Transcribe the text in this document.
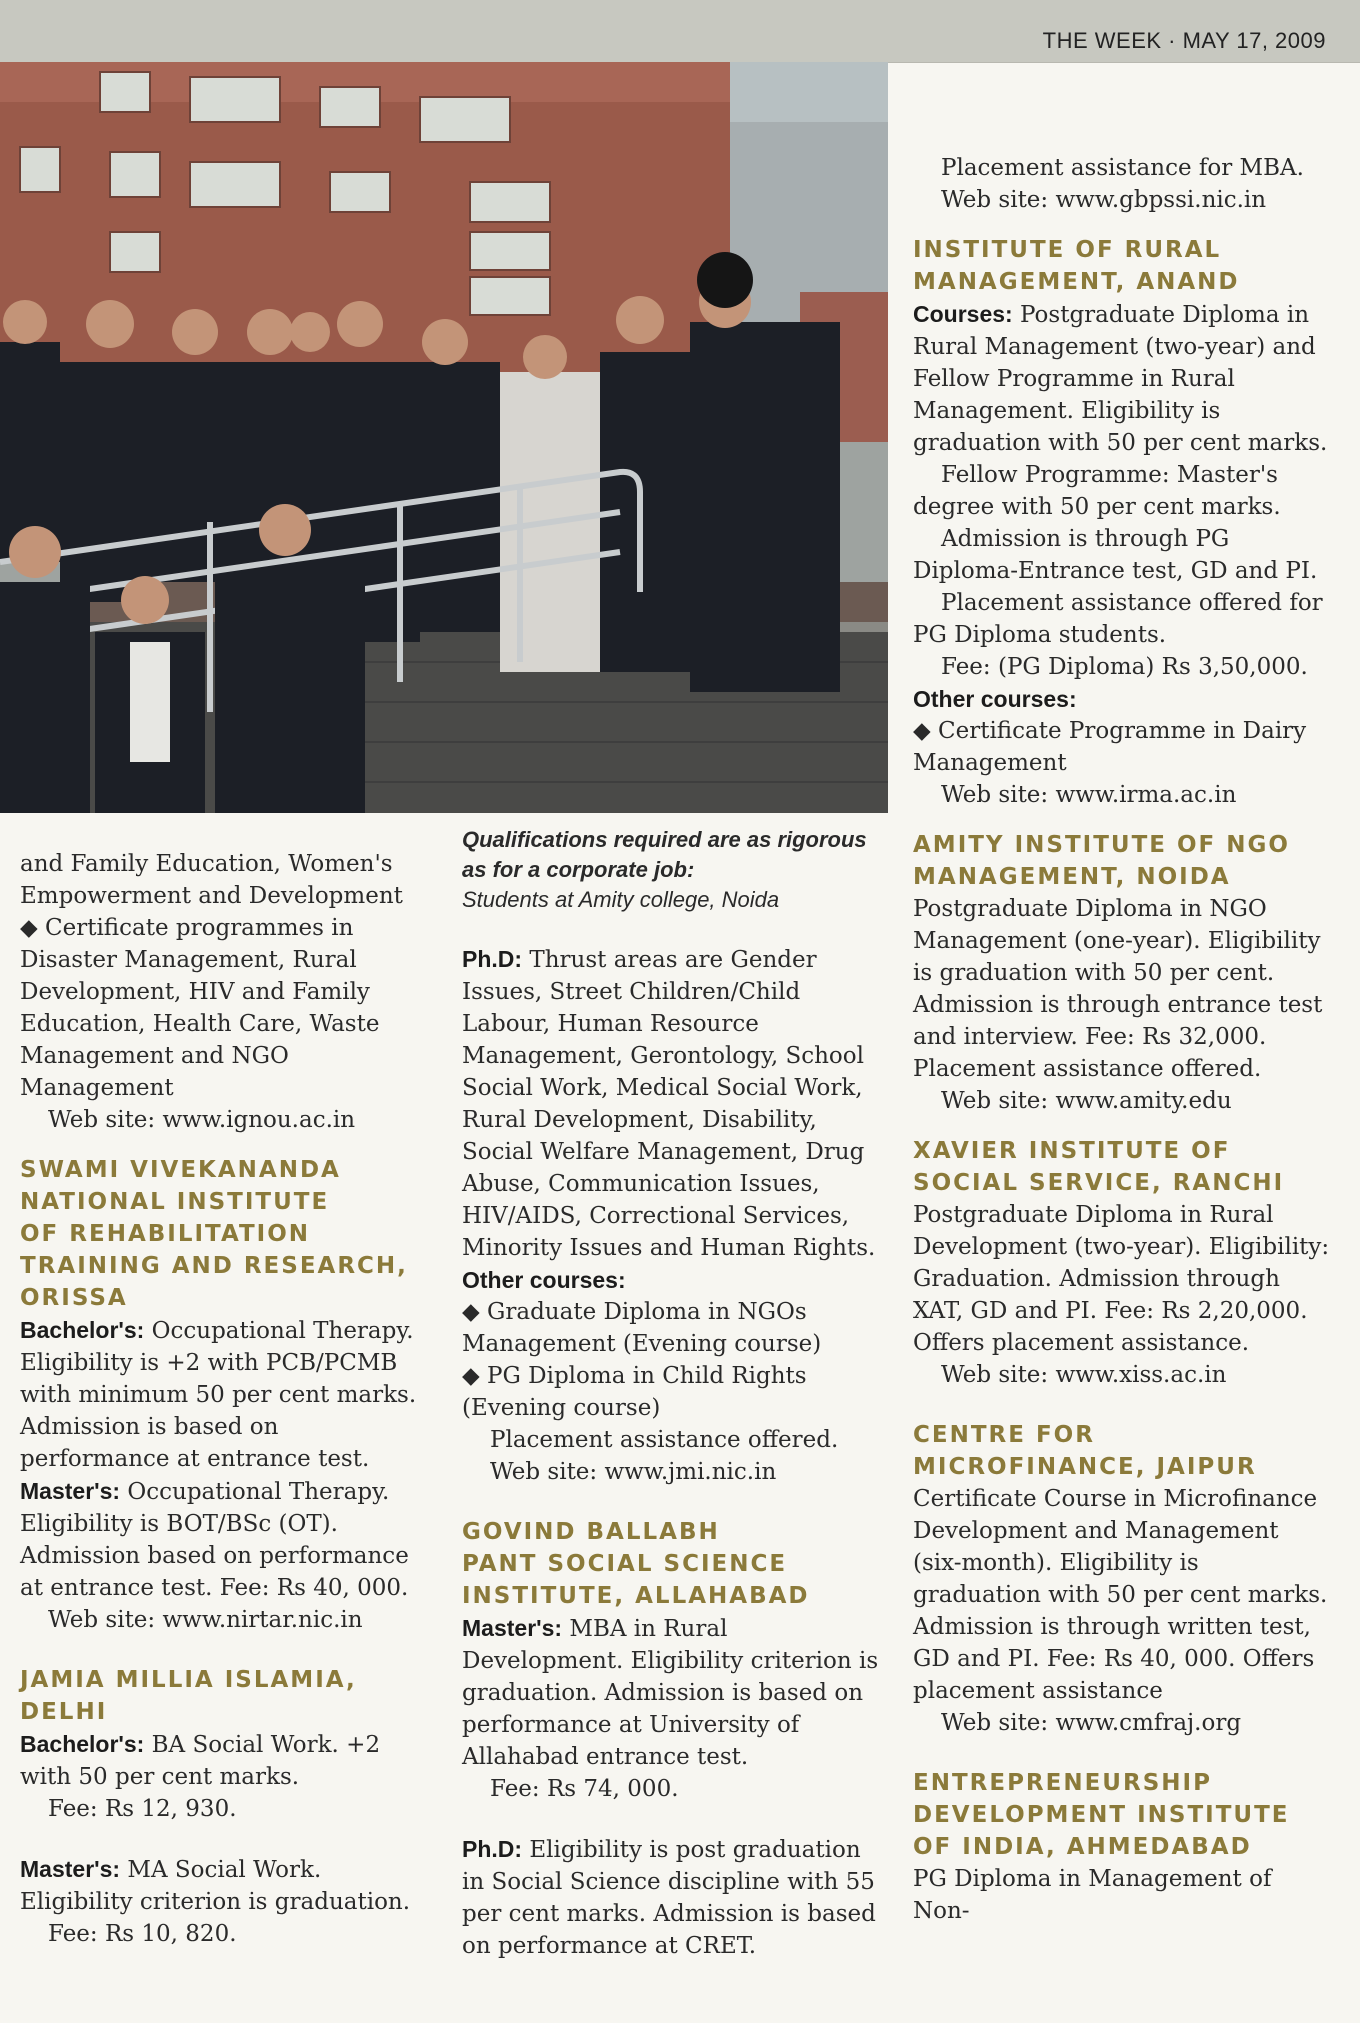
THE WEEK · MAY 17, 2009

and Family Education, Women's Empowerment and Development

◆ Certificate programmes in Disaster Management, Rural Development, HIV and Family Education, Health Care, Waste Management and NGO Management

Web site: www.ignou.ac.in

SWAMI VIVEKANANDA

NATIONAL INSTITUTE

OF REHABILITATION

TRAINING AND RESEARCH,

ORISSA

Bachelor's: Occupational Therapy. Eligibility is +2 with PCB/PCMB with minimum 50 per cent marks. Admission is based on performance at entrance test.

Master's: Occupational Therapy. Eligibility is BOT/BSc (OT). Admission based on performance at entrance test. Fee: Rs 40, 000.

Web site: www.nirtar.nic.in

JAMIA MILLIA ISLAMIA,

DELHI

Bachelor's: BA Social Work. +2 with 50 per cent marks.

Fee: Rs 12, 930.

Master's: MA Social Work. Eligibility criterion is graduation.

Fee: Rs 10, 820.

Qualifications required are as rigorous as for a corporate job:

Students at Amity college, Noida

Ph.D: Thrust areas are Gender Issues, Street Children/Child Labour, Human Resource Management, Gerontology, School Social Work, Medical Social Work, Rural Development, Disability, Social Welfare Management, Drug Abuse, Communication Issues, HIV/AIDS, Correctional Services, Minority Issues and Human Rights.

Other courses:

◆ Graduate Diploma in NGOs Management (Evening course)

◆ PG Diploma in Child Rights (Evening course)

Placement assistance offered.

Web site: www.jmi.nic.in

GOVIND BALLABH

PANT SOCIAL SCIENCE

INSTITUTE, ALLAHABAD

Master's: MBA in Rural Development. Eligibility criterion is graduation. Admission is based on performance at University of Allahabad entrance test.

Fee: Rs 74, 000.

Ph.D: Eligibility is post graduation in Social Science discipline with 55 per cent marks. Admission is based on performance at CRET.

Placement assistance for MBA.

Web site: www.gbpssi.nic.in

INSTITUTE OF RURAL

MANAGEMENT, ANAND

Courses: Postgraduate Diploma in Rural Management (two-year) and Fellow Programme in Rural Management. Eligibility is graduation with 50 per cent marks.

Fellow Programme: Master's degree with 50 per cent marks.

Admission is through PG Diploma-Entrance test, GD and PI.

Placement assistance offered for PG Diploma students.

Fee: (PG Diploma) Rs 3,50,000.

Other courses:

◆ Certificate Programme in Dairy Management

Web site: www.irma.ac.in

AMITY INSTITUTE OF NGO

MANAGEMENT, NOIDA

Postgraduate Diploma in NGO Management (one-year). Eligibility is graduation with 50 per cent. Admission is through entrance test and interview. Fee: Rs 32,000. Placement assistance offered.

Web site: www.amity.edu

XAVIER INSTITUTE OF

SOCIAL SERVICE, RANCHI

Postgraduate Diploma in Rural Development (two-year). Eligibility: Graduation. Admission through XAT, GD and PI. Fee: Rs 2,20,000. Offers placement assistance.

Web site: www.xiss.ac.in

CENTRE FOR

MICROFINANCE, JAIPUR

Certificate Course in Microfinance Development and Management (six-month). Eligibility is graduation with 50 per cent marks. Admission is through written test, GD and PI. Fee: Rs 40, 000. Offers placement assistance

Web site: www.cmfraj.org

ENTREPRENEURSHIP

DEVELOPMENT INSTITUTE

OF INDIA, AHMEDABAD

PG Diploma in Management of Non-
